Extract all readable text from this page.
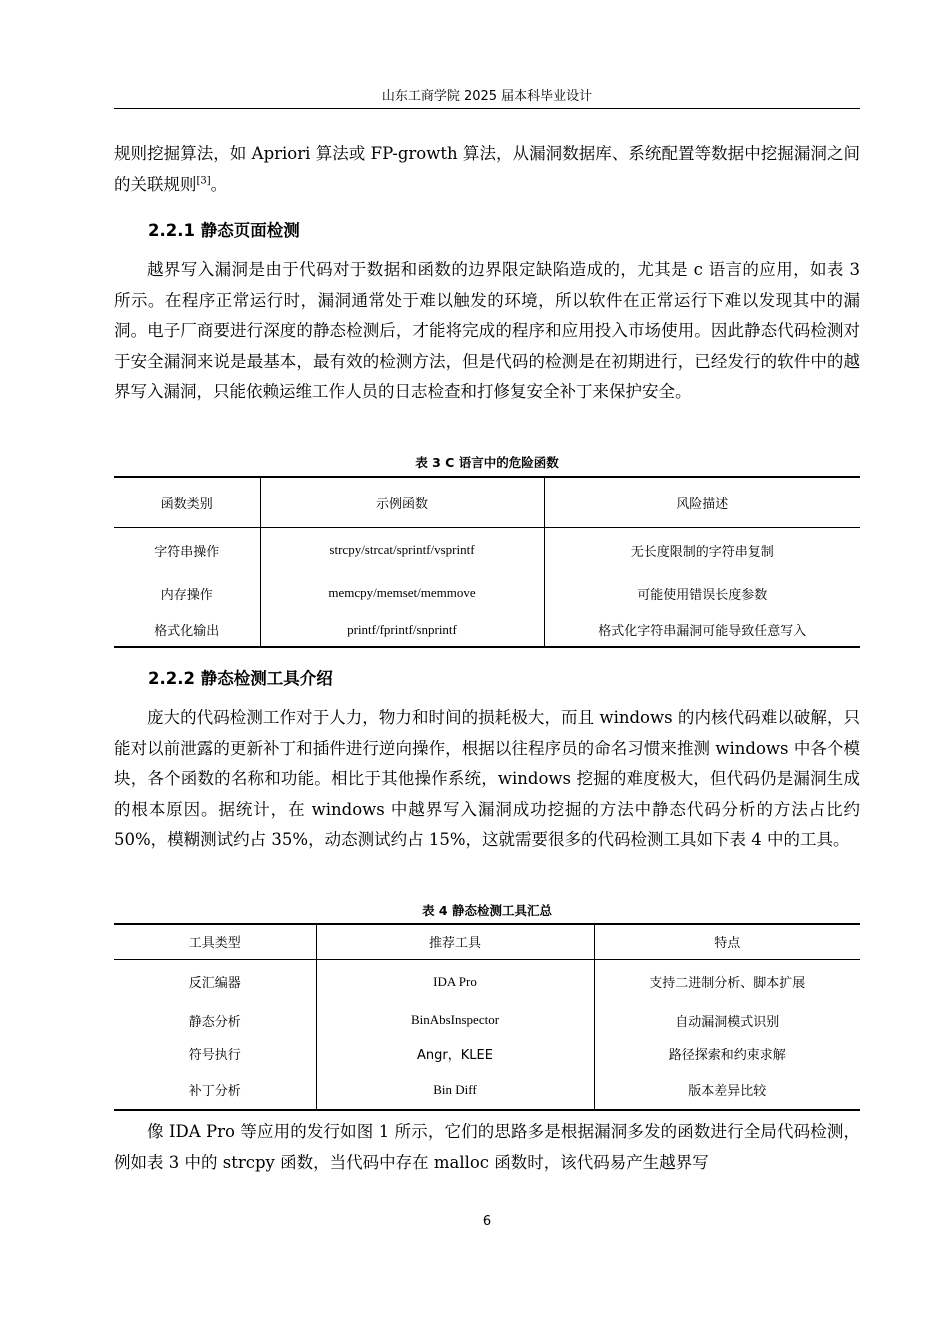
山东工商学院 2025 届本科毕业设计

规则挖掘算法，如 Apriori 算法或 FP-growth 算法，从漏洞数据库、系统配置等数据中挖掘漏洞之间的关联规则[3]。

2.2.1 静态页面检测

越界写入漏洞是由于代码对于数据和函数的边界限定缺陷造成的，尤其是 c 语言的应用，如表 3 所示。在程序正常运行时，漏洞通常处于难以触发的环境，所以软件在正常运行下难以发现其中的漏洞。电子厂商要进行深度的静态检测后，才能将完成的程序和应用投入市场使用。因此静态代码检测对于安全漏洞来说是最基本，最有效的检测方法，但是代码的检测是在初期进行，已经发行的软件中的越界写入漏洞，只能依赖运维工作人员的日志检查和打修复安全补丁来保护安全。

表 3 C 语言中的危险函数
函数类别	示例函数	风险描述
字符串操作	strcpy/strcat/sprintf/vsprintf	无长度限制的字符串复制
内存操作	memcpy/memset/memmove	可能使用错误长度参数
格式化输出	printf/fprintf/snprintf	格式化字符串漏洞可能导致任意写入
2.2.2 静态检测工具介绍

庞大的代码检测工作对于人力，物力和时间的损耗极大，而且 windows 的内核代码难以破解，只能对以前泄露的更新补丁和插件进行逆向操作，根据以往程序员的命名习惯来推测 windows 中各个模块，各个函数的名称和功能。相比于其他操作系统，windows 挖掘的难度极大，但代码仍是漏洞生成的根本原因。据统计，在 windows 中越界写入漏洞成功挖掘的方法中静态代码分析的方法占比约 50%，模糊测试约占 35%，动态测试约占 15%，这就需要很多的代码检测工具如下表 4 中的工具。

表 4 静态检测工具汇总
工具类型	推荐工具	特点
反汇编器	IDA Pro	支持二进制分析、脚本扩展
静态分析	BinAbsInspector	自动漏洞模式识别
符号执行	Angr，KLEE	路径探索和约束求解
补丁分析	Bin Diff	版本差异比较

像 IDA Pro 等应用的发行如图 1 所示，它们的思路多是根据漏洞多发的函数进行全局代码检测，例如表 3 中的 strcpy 函数，当代码中存在 malloc 函数时，该代码易产生越界写

6
